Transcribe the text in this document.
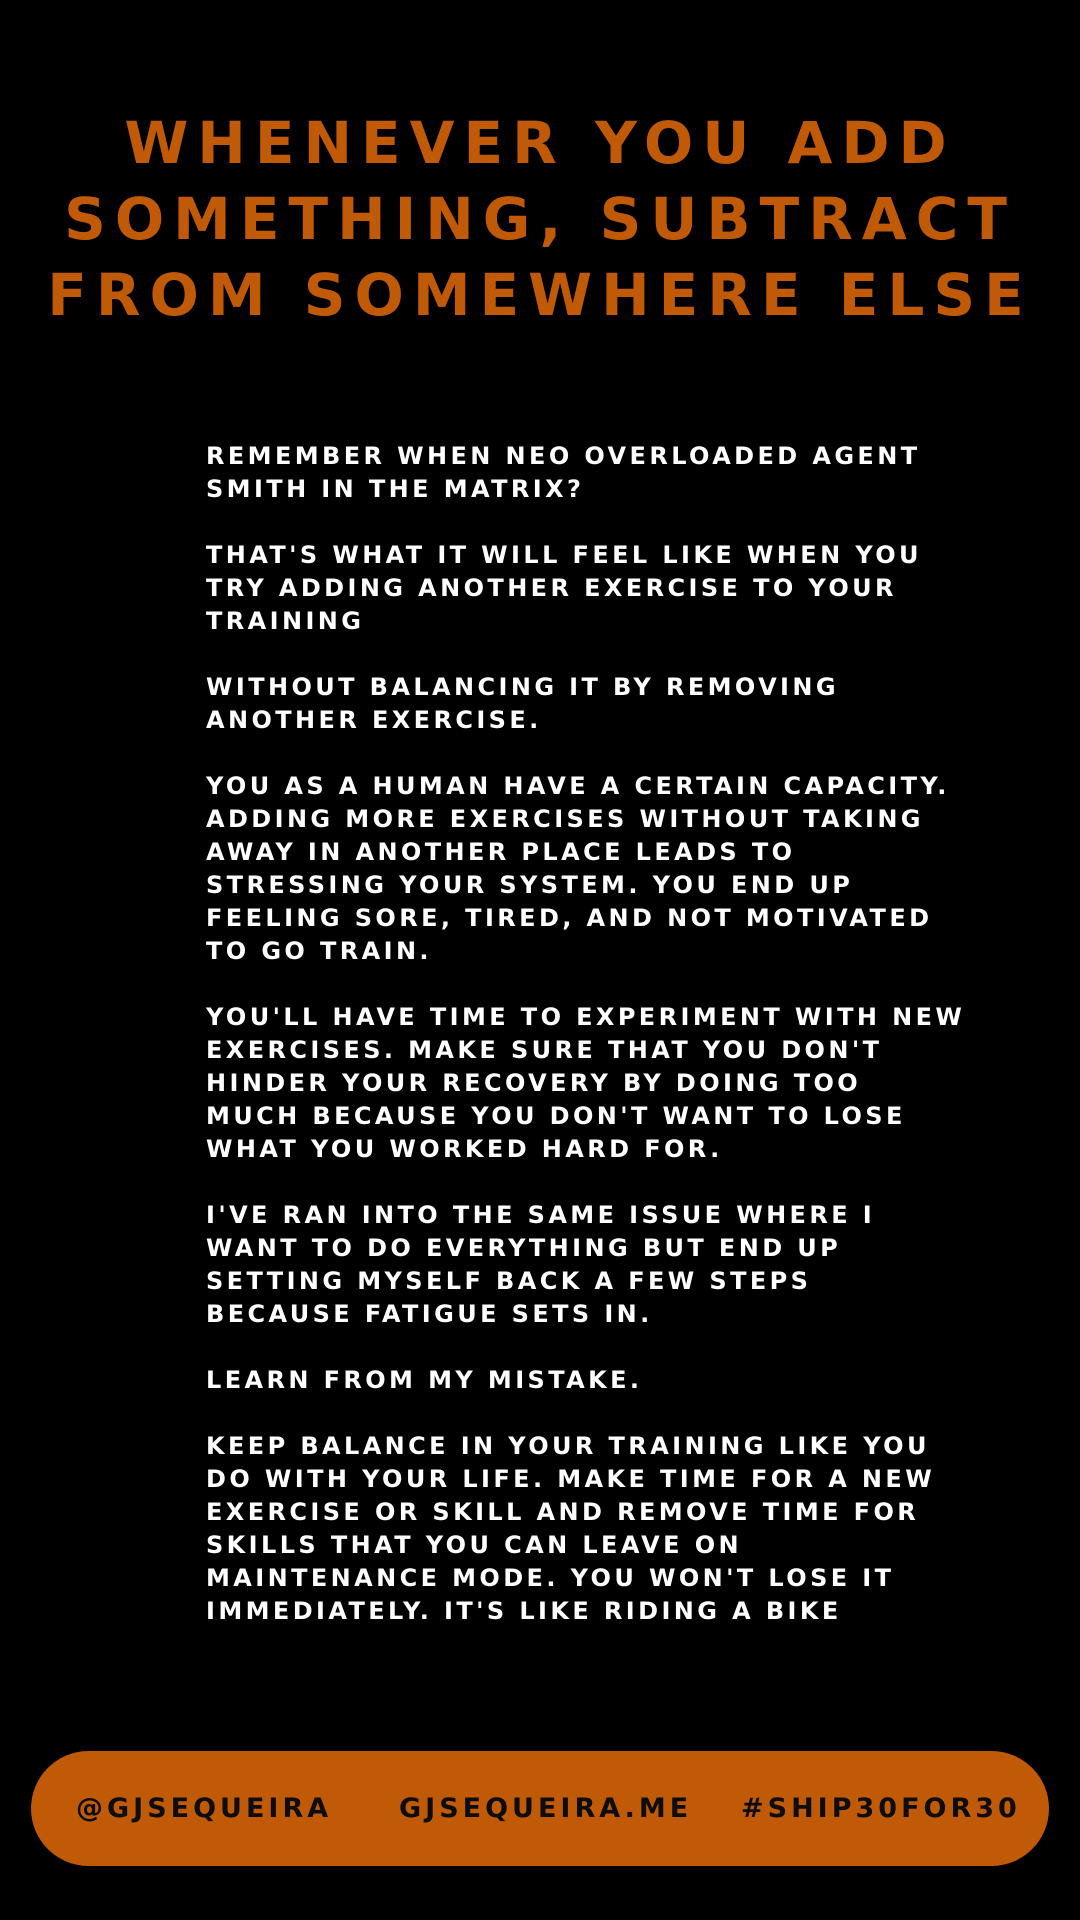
WHENEVER YOU ADD
SOMETHING, SUBTRACT
FROM SOMEWHERE ELSE

REMEMBER WHEN NEO OVERLOADED AGENT
SMITH IN THE MATRIX?

THAT'S WHAT IT WILL FEEL LIKE WHEN YOU
TRY ADDING ANOTHER EXERCISE TO YOUR
TRAINING

WITHOUT BALANCING IT BY REMOVING
ANOTHER EXERCISE.

YOU AS A HUMAN HAVE A CERTAIN CAPACITY.
ADDING MORE EXERCISES WITHOUT TAKING
AWAY IN ANOTHER PLACE LEADS TO
STRESSING YOUR SYSTEM. YOU END UP
FEELING SORE, TIRED, AND NOT MOTIVATED
TO GO TRAIN.

YOU'LL HAVE TIME TO EXPERIMENT WITH NEW
EXERCISES. MAKE SURE THAT YOU DON'T
HINDER YOUR RECOVERY BY DOING TOO
MUCH BECAUSE YOU DON'T WANT TO LOSE
WHAT YOU WORKED HARD FOR.

I'VE RAN INTO THE SAME ISSUE WHERE I
WANT TO DO EVERYTHING BUT END UP
SETTING MYSELF BACK A FEW STEPS
BECAUSE FATIGUE SETS IN.

LEARN FROM MY MISTAKE.

KEEP BALANCE IN YOUR TRAINING LIKE YOU
DO WITH YOUR LIFE. MAKE TIME FOR A NEW
EXERCISE OR SKILL AND REMOVE TIME FOR
SKILLS THAT YOU CAN LEAVE ON
MAINTENANCE MODE. YOU WON'T LOSE IT
IMMEDIATELY. IT'S LIKE RIDING A BIKE

@GJSEQUEIRA GJSEQUEIRA.ME #SHIP30FOR30
